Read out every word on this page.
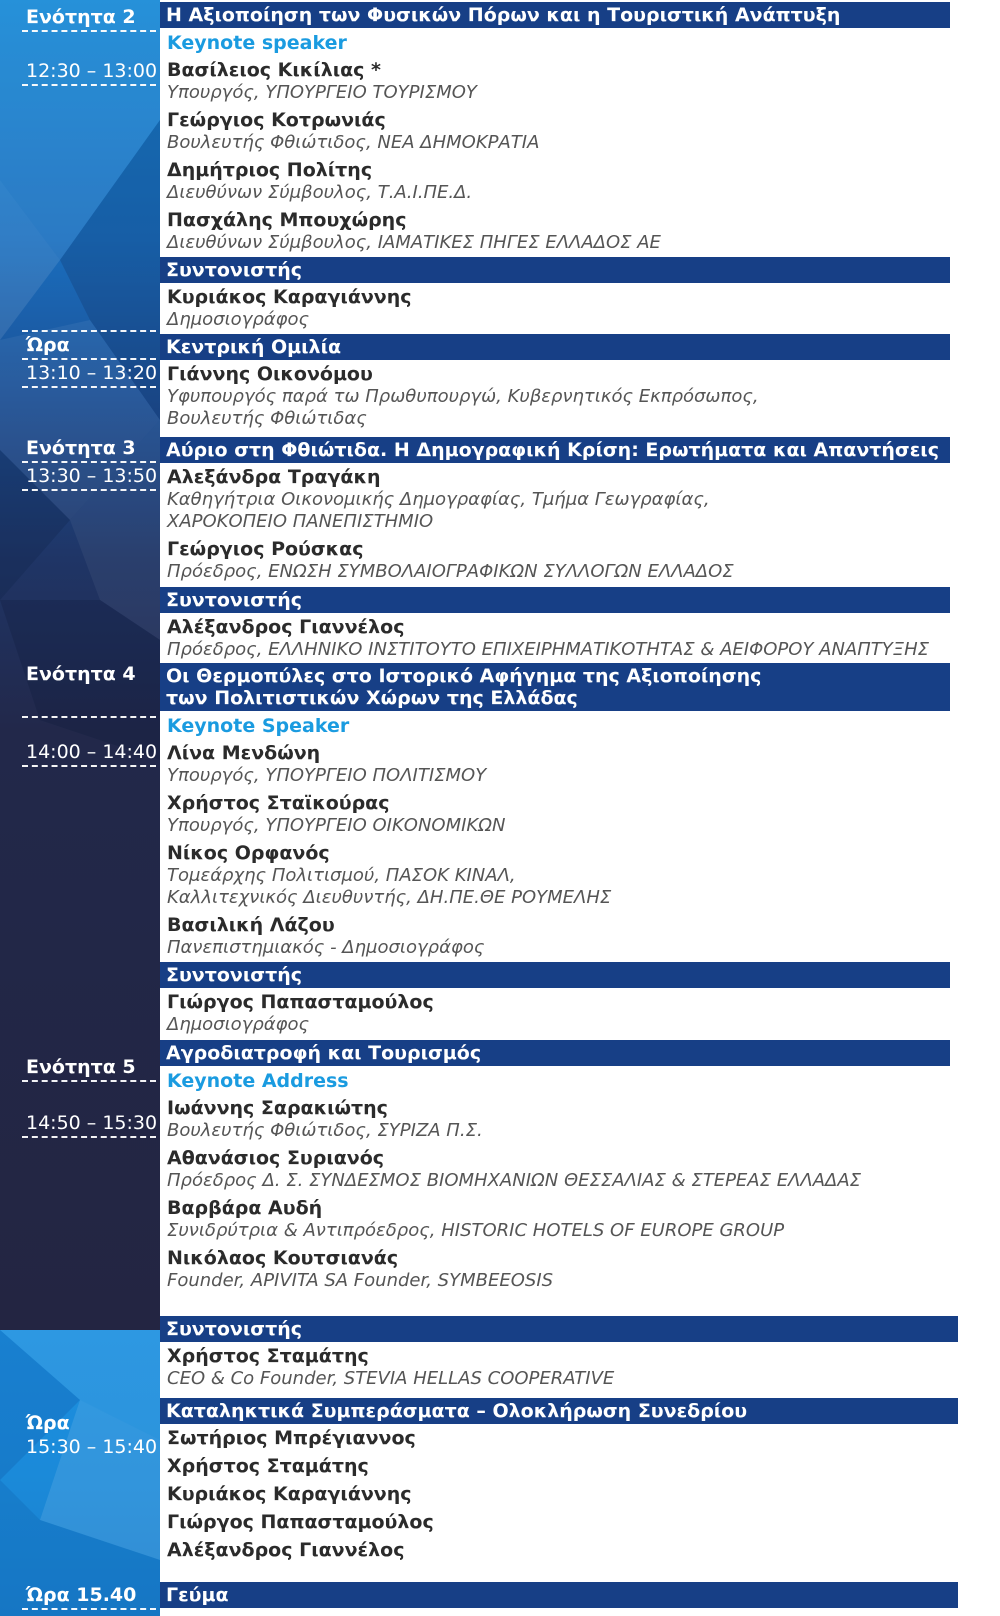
Ενότητα 2
12:30 – 13:00
Ώρα
13:10 – 13:20
Ενότητα 3
13:30 – 13:50
Ενότητα 4
14:00 – 14:40
Ενότητα 5
14:50 – 15:30
Ώρα
15:30 – 15:40
Ώρα 15.40
Η Αξιοποίηση των Φυσικών Πόρων και η Τουριστική Ανάπτυξη
Keynote speaker
Βασίλειος Κικίλιας *
Υπουργός, ΥΠΟΥΡΓΕΙΟ ΤΟΥΡΙΣΜΟΥ
Γεώργιος Κοτρωνιάς
Βουλευτής Φθιώτιδος, ΝΕΑ ΔΗΜΟΚΡΑΤΙΑ
Δημήτριος Πολίτης
Διευθύνων Σύμβουλος, Τ.Α.Ι.ΠΕ.Δ.
Πασχάλης Μπουχώρης
Διευθύνων Σύμβουλος, ΙΑΜΑΤΙΚΕΣ ΠΗΓΕΣ ΕΛΛΑΔΟΣ ΑΕ
Συντονιστής
Κυριάκος Καραγιάννης
Δημοσιογράφος
Κεντρική Ομιλία
Γιάννης Οικονόμου
Υφυπουργός παρά τω Πρωθυπουργώ, Κυβερνητικός Εκπρόσωπος,
Βουλευτής Φθιώτιδας
Αύριο στη Φθιώτιδα. Η Δημογραφική Κρίση: Ερωτήματα και Απαντήσεις
Αλεξάνδρα Τραγάκη
Καθηγήτρια Οικονομικής Δημογραφίας, Τμήμα Γεωγραφίας,
ΧΑΡΟΚΟΠΕΙΟ ΠΑΝΕΠΙΣΤΗΜΙΟ
Γεώργιος Ρούσκας
Πρόεδρος, ΕΝΩΣΗ ΣΥΜΒΟΛΑΙΟΓΡΑΦΙΚΩΝ ΣΥΛΛΟΓΩΝ ΕΛΛΑΔΟΣ
Συντονιστής
Αλέξανδρος Γιαννέλος
Πρόεδρος, ΕΛΛΗΝΙΚΟ ΙΝΣΤΙΤΟΥΤΟ ΕΠΙΧΕΙΡΗΜΑΤΙΚΟΤΗΤΑΣ & ΑΕΙΦΟΡΟΥ ΑΝΑΠΤΥΞΗΣ
Οι Θερμοπύλες στο Ιστορικό Αφήγημα της Αξιοποίησης
των Πολιτιστικών Χώρων της Ελλάδας
Keynote Speaker
Λίνα Μενδώνη
Υπουργός, ΥΠΟΥΡΓΕΙΟ ΠΟΛΙΤΙΣΜΟΥ
Χρήστος Σταϊκούρας
Υπουργός, ΥΠΟΥΡΓΕΙΟ ΟΙΚΟΝΟΜΙΚΩΝ
Νίκος Ορφανός
Τομεάρχης Πολιτισμού, ΠΑΣΟΚ ΚΙΝΑΛ,
Καλλιτεχνικός Διευθυντής, ΔΗ.ΠΕ.ΘΕ ΡΟΥΜΕΛΗΣ
Βασιλική Λάζου
Πανεπιστημιακός - Δημοσιογράφος
Συντονιστής
Γιώργος Παπασταμούλος
Δημοσιογράφος
Αγροδιατροφή και Τουρισμός
Keynote Address
Ιωάννης Σαρακιώτης
Βουλευτής Φθιώτιδος, ΣΥΡΙΖΑ Π.Σ.
Αθανάσιος Συριανός
Πρόεδρος Δ. Σ. ΣΥΝΔΕΣΜΟΣ ΒΙΟΜΗΧΑΝΙΩΝ ΘΕΣΣΑΛΙΑΣ & ΣΤΕΡΕΑΣ ΕΛΛΑΔΑΣ
Βαρβάρα Αυδή
Συνιδρύτρια & Αντιπρόεδρος, HISTORIC HOTELS OF EUROPE GROUP
Νικόλαος Κουτσιανάς
Founder, APIVITA SA Founder, SYMBEEOSIS
Συντονιστής
Χρήστος Σταμάτης
CEO & Co Founder, STEVIA HELLAS COOPERATIVE
Καταληκτικά Συμπεράσματα – Ολοκλήρωση Συνεδρίου
Σωτήριος Μπρέγιαννος
Χρήστος Σταμάτης
Κυριάκος Καραγιάννης
Γιώργος Παπασταμούλος
Αλέξανδρος Γιαννέλος
Γεύμα
